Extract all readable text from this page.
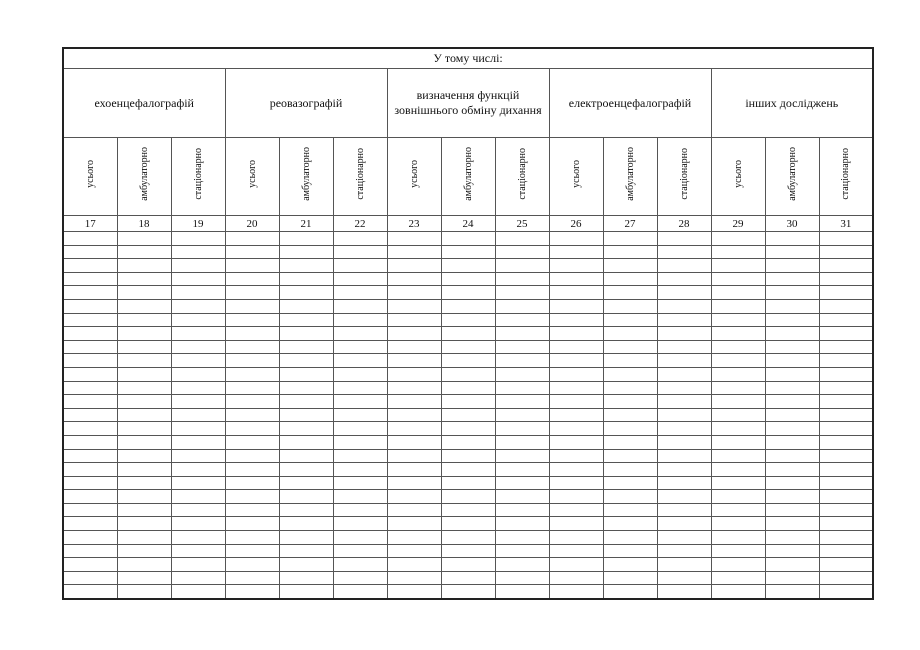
У тому числі:														
ехоенцефалографій			реовазографій			визначення функцій зовнішнього обміну дихання			електроенцефалографій			інших досліджень		
усього	амбулаторно	стаціонарно	усього	амбулаторно	стаціонарно	усього	амбулаторно	стаціонарно	усього	амбулаторно	стаціонарно	усього	амбулаторно	стаціонарно
17	18	19	20	21	22	23	24	25	26	27	28	29	30	31
